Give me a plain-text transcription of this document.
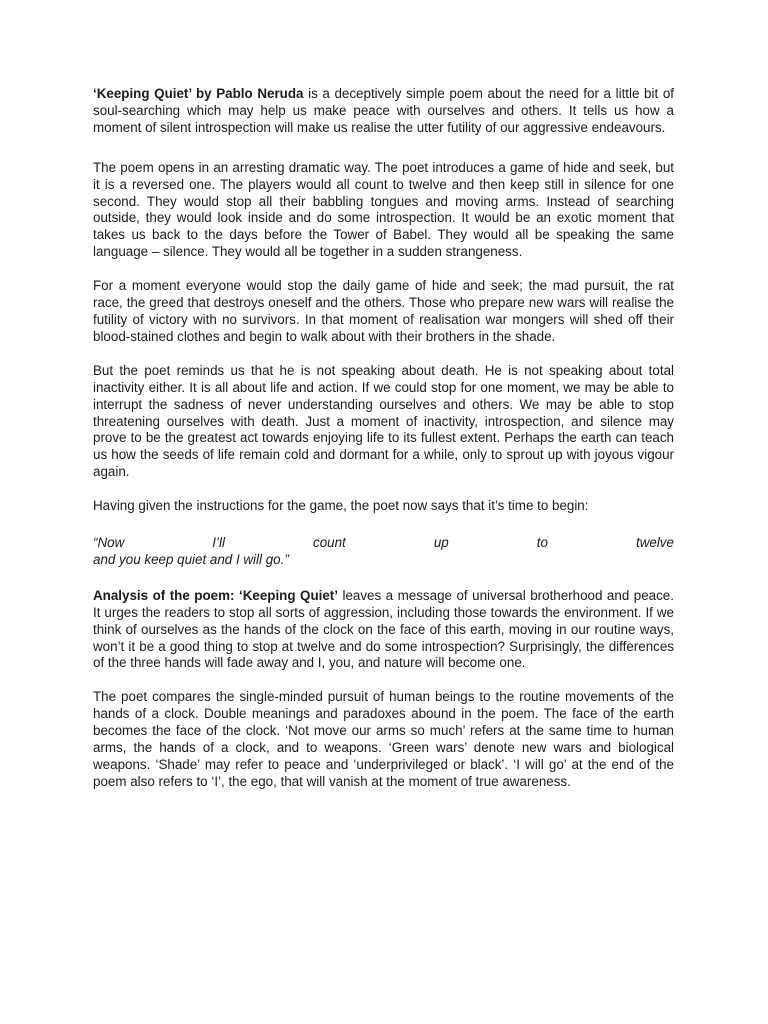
‘Keeping Quiet’ by Pablo Neruda is a deceptively simple poem about the need for a little bit of soul-searching which may help us make peace with ourselves and others. It tells us how a moment of silent introspection will make us realise the utter futility of our aggressive endeavours.

The poem opens in an arresting dramatic way. The poet introduces a game of hide and seek, but it is a reversed one. The players would all count to twelve and then keep still in silence for one second. They would stop all their babbling tongues and moving arms. Instead of searching outside, they would look inside and do some introspection. It would be an exotic moment that takes us back to the days before the Tower of Babel. They would all be speaking the same language – silence. They would all be together in a sudden strangeness.

For a moment everyone would stop the daily game of hide and seek; the mad pursuit, the rat race, the greed that destroys oneself and the others. Those who prepare new wars will realise the futility of victory with no survivors. In that moment of realisation war mongers will shed off their blood-stained clothes and begin to walk about with their brothers in the shade.

But the poet reminds us that he is not speaking about death. He is not speaking about total inactivity either. It is all about life and action. If we could stop for one moment, we may be able to interrupt the sadness of never understanding ourselves and others. We may be able to stop threatening ourselves with death. Just a moment of inactivity, introspection, and silence may prove to be the greatest act towards enjoying life to its fullest extent. Perhaps the earth can teach us how the seeds of life remain cold and dormant for a while, only to sprout up with joyous vigour again.

Having given the instructions for the game, the poet now says that it’s time to begin:

“Now	I’ll	count	up	to	twelve
and you keep quiet and I will go.”

Analysis of the poem: ‘Keeping Quiet’ leaves a message of universal brotherhood and peace. It urges the readers to stop all sorts of aggression, including those towards the environment. If we think of ourselves as the hands of the clock on the face of this earth, moving in our routine ways, won’t it be a good thing to stop at twelve and do some introspection? Surprisingly, the differences of the three hands will fade away and I, you, and nature will become one.

The poet compares the single-minded pursuit of human beings to the routine movements of the hands of a clock. Double meanings and paradoxes abound in the poem. The face of the earth becomes the face of the clock. ‘Not move our arms so much’ refers at the same time to human arms, the hands of a clock, and to weapons. ‘Green wars’ denote new wars and biological weapons. ‘Shade’ may refer to peace and ‘underprivileged or black’. ‘I will go’ at the end of the poem also refers to ‘I’, the ego, that will vanish at the moment of true awareness.
